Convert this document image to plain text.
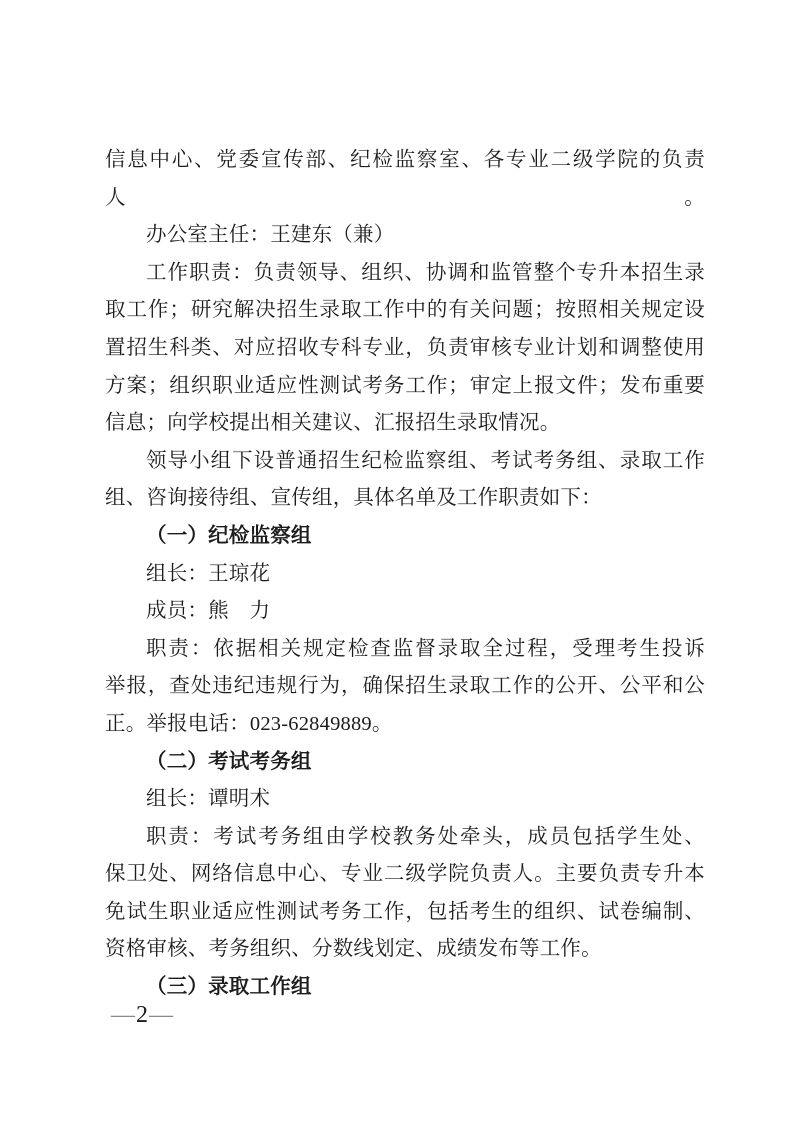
信息中心、党委宣传部、纪检监察室、各专业二级学院的负责人。
办公室主任：王建东（兼）
工作职责：负责领导、组织、协调和监管整个专升本招生录
取工作；研究解决招生录取工作中的有关问题；按照相关规定设
置招生科类、对应招收专科专业，负责审核专业计划和调整使用
方案；组织职业适应性测试考务工作；审定上报文件；发布重要
信息；向学校提出相关建议、汇报招生录取情况。
领导小组下设普通招生纪检监察组、考试考务组、录取工作
组、咨询接待组、宣传组，具体名单及工作职责如下：
（一）纪检监察组
组长：王琼花
成员：熊　力
职责：依据相关规定检查监督录取全过程，受理考生投诉
举报，查处违纪违规行为，确保招生录取工作的公开、公平和公
正。举报电话：023-62849889。
（二）考试考务组
组长：谭明术
职责：考试考务组由学校教务处牵头，成员包括学生处、
保卫处、网络信息中心、专业二级学院负责人。主要负责专升本
免试生职业适应性测试考务工作，包括考生的组织、试卷编制、
资格审核、考务组织、分数线划定、成绩发布等工作。
（三）录取工作组
—2—
